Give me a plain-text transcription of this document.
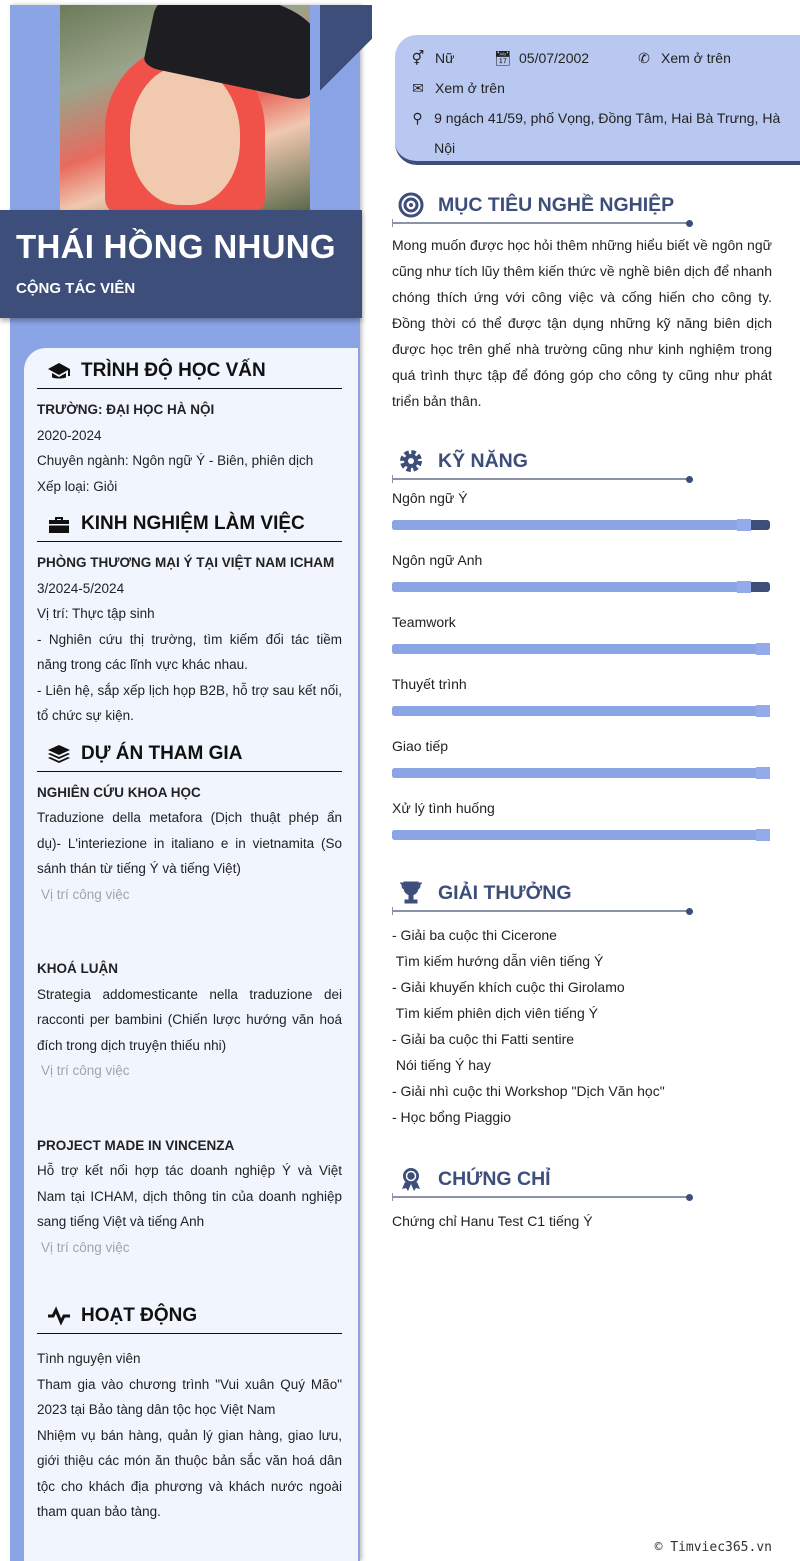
THÁI HỒNG NHUNG
CỘNG TÁC VIÊN
TRÌNH ĐỘ HỌC VẤN
TRƯỜNG: ĐẠI HỌC HÀ NỘI
2020-2024
Chuyên ngành: Ngôn ngữ Ý - Biên, phiên dịch
Xếp loại: Giỏi
KINH NGHIỆM LÀM VIỆC
PHÒNG THƯƠNG MẠI Ý TẠI VIỆT NAM ICHAM
3/2024-5/2024
Vị trí: Thực tập sinh
- Nghiên cứu thị trường, tìm kiếm đối tác tiềm năng trong các lĩnh vực khác nhau.
- Liên hệ, sắp xếp lịch họp B2B, hỗ trợ sau kết nối, tổ chức sự kiện.
DỰ ÁN THAM GIA
NGHIÊN CỨU KHOA HỌC
Traduzione della metafora (Dịch thuật phép ẩn dụ)- L'interiezione in italiano e in vietnamita (So sánh thán từ tiếng Ý và tiếng Việt)
Vị trí công việc
KHOÁ LUẬN
Strategia addomesticante nella traduzione dei racconti per bambini (Chiến lược hướng văn hoá đích trong dịch truyện thiếu nhi)
Vị trí công việc
PROJECT MADE IN VINCENZA
Hỗ trợ kết nối hợp tác doanh nghiệp Ý và Việt Nam tại ICHAM, dịch thông tin của doanh nghiệp sang tiếng Việt và tiếng Anh
Vị trí công việc
HOẠT ĐỘNG
Tình nguyện viên
Tham gia vào chương trình "Vui xuân Quý Mão" 2023 tại Bảo tàng dân tộc học Việt Nam
Nhiệm vụ bán hàng, quản lý gian hàng, giao lưu, giới thiệu các món ăn thuộc bản sắc văn hoá dân tộc cho khách địa phương và khách nước ngoài tham quan bảo tàng.
⚥ Nữ	📅︎ 05/07/2002	✆ Xem ở trên
✉ Xem ở trên
⚲ 9 ngách 41/59, phố Vọng, Đồng Tâm, Hai Bà Trưng, Hà Nội
MỤC TIÊU NGHỀ NGHIỆP
Mong muốn được học hỏi thêm những hiểu biết về ngôn ngữ cũng như tích lũy thêm kiến thức về nghề biên dịch để nhanh chóng thích ứng với công việc và cống hiến cho công ty. Đồng thời có thể được tận dụng những kỹ năng biên dịch được học trên ghế nhà trường cũng như kinh nghiệm trong quá trình thực tập để đóng góp cho công ty cũng như phát triển bản thân.
KỸ NĂNG
Ngôn ngữ Ý
Ngôn ngữ Anh
Teamwork
Thuyết trình
Giao tiếp
Xử lý tình huống
GIẢI THƯỞNG
- Giải ba cuộc thi Cicerone
Tìm kiếm hướng dẫn viên tiếng Ý
- Giải khuyến khích cuộc thi Girolamo
Tìm kiếm phiên dịch viên tiếng Ý
- Giải ba cuộc thi Fatti sentire
Nói tiếng Ý hay
- Giải nhì cuộc thi Workshop "Dịch Văn học"
- Học bổng Piaggio
CHỨNG CHỈ
Chứng chỉ Hanu Test C1 tiếng Ý
© Timviec365.vn
